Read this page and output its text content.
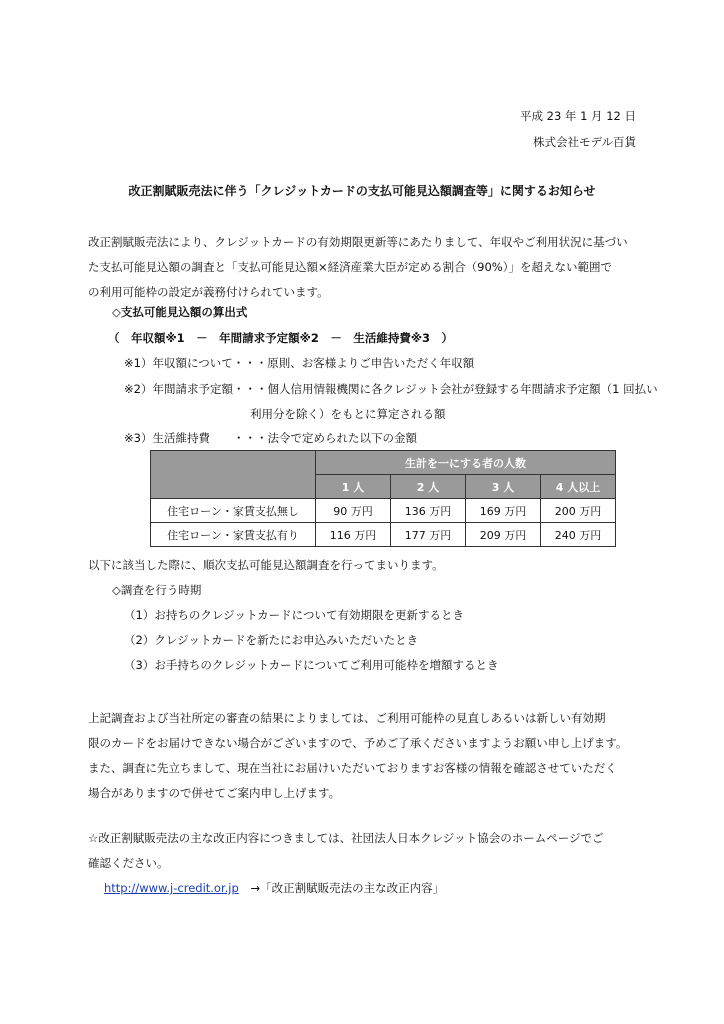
平成 23 年 1 月 12 日
株式会社モデル百貨
改正割賦販売法に伴う「クレジットカードの支払可能見込額調査等」に関するお知らせ
改正割賦販売法により、クレジットカードの有効期限更新等にあたりまして、年収やご利用状況に基づい
た支払可能見込額の調査と「支払可能見込額×経済産業大臣が定める割合（90%）」を超えない範囲で
の利用可能枠の設定が義務付けられています。
◇支払可能見込額の算出式
（　年収額※1　－　年間請求予定額※2　－　生活維持費※3　）
※1）年収額について・・・原則、お客様よりご申告いただく年収額
※2）年間請求予定額・・・個人信用情報機関に各クレジット会社が登録する年間請求予定額（1 回払い
利用分を除く）をもとに算定される額
※3）生活維持費　　・・・法令で定められた以下の金額
	生計を一にする者の人数			
	1 人	2 人	3 人	4 人以上
住宅ローン・家賃支払無し	90 万円	136 万円	169 万円	200 万円
住宅ローン・家賃支払有り	116 万円	177 万円	209 万円	240 万円
以下に該当した際に、順次支払可能見込額調査を行ってまいります。
◇調査を行う時期
（1）お持ちのクレジットカードについて有効期限を更新するとき
（2）クレジットカードを新たにお申込みいただいたとき
（3）お手持ちのクレジットカードについてご利用可能枠を増額するとき
上記調査および当社所定の審査の結果によりましては、ご利用可能枠の見直しあるいは新しい有効期
限のカードをお届けできない場合がございますので、予めご了承くださいますようお願い申し上げます。
また、調査に先立ちまして、現在当社にお届けいただいておりますお客様の情報を確認させていただく
場合がありますので併せてご案内申し上げます。
☆改正割賦販売法の主な改正内容につきましては、社団法人日本クレジット協会のホームページでご
確認ください。
http://www.j-credit.or.jp →「改正割賦販売法の主な改正内容」
